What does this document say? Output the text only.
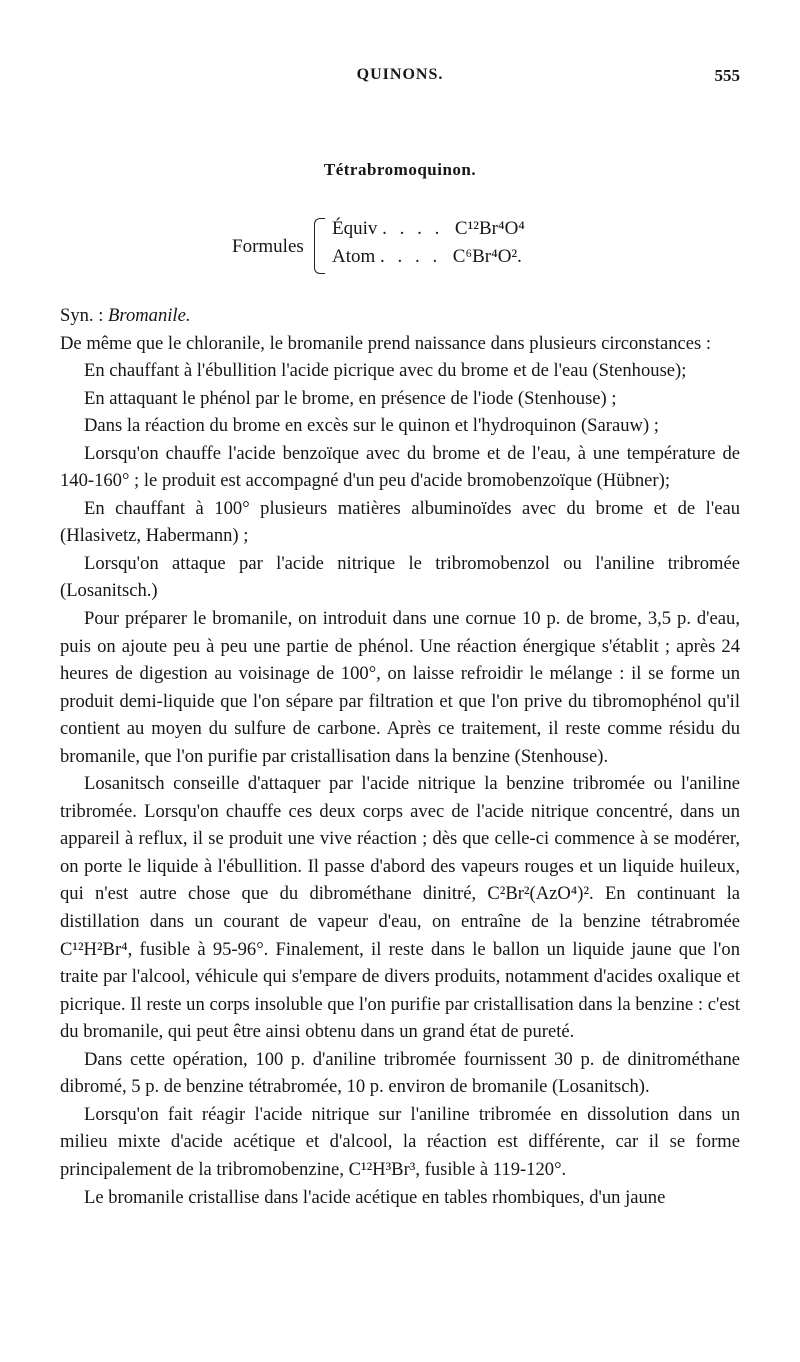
QUINONS.	555
Tétrabromoquinon.
Formules
Équiv . . . . C¹²Br⁴O⁴
Atom . . . . C⁶Br⁴O².

Syn. : Bromanile.

De même que le chloranile, le bromanile prend naissance dans plusieurs circonstances :

En chauffant à l'ébullition l'acide picrique avec du brome et de l'eau (Stenhouse);

En attaquant le phénol par le brome, en présence de l'iode (Stenhouse) ;

Dans la réaction du brome en excès sur le quinon et l'hydroquinon (Sarauw) ;

Lorsqu'on chauffe l'acide benzoïque avec du brome et de l'eau, à une température de 140-160° ; le produit est accompagné d'un peu d'acide bromobenzoïque (Hübner);

En chauffant à 100° plusieurs matières albuminoïdes avec du brome et de l'eau (Hlasivetz, Habermann) ;

Lorsqu'on attaque par l'acide nitrique le tribromobenzol ou l'aniline tribromée (Losanitsch.)

Pour préparer le bromanile, on introduit dans une cornue 10 p. de brome, 3,5 p. d'eau, puis on ajoute peu à peu une partie de phénol. Une réaction énergique s'établit ; après 24 heures de digestion au voisinage de 100°, on laisse refroidir le mélange : il se forme un produit demi-liquide que l'on sépare par filtration et que l'on prive du tibromophénol qu'il contient au moyen du sulfure de carbone. Après ce traitement, il reste comme résidu du bromanile, que l'on purifie par cristallisation dans la benzine (Stenhouse).

Losanitsch conseille d'attaquer par l'acide nitrique la benzine tribromée ou l'aniline tribromée. Lorsqu'on chauffe ces deux corps avec de l'acide nitrique concentré, dans un appareil à reflux, il se produit une vive réaction ; dès que celle-ci commence à se modérer, on porte le liquide à l'ébullition. Il passe d'abord des vapeurs rouges et un liquide huileux, qui n'est autre chose que du dibrométhane dinitré, C²Br²(AzO⁴)². En continuant la distillation dans un courant de vapeur d'eau, on entraîne de la benzine tétrabromée C¹²H²Br⁴, fusible à 95-96°. Finalement, il reste dans le ballon un liquide jaune que l'on traite par l'alcool, véhicule qui s'empare de divers produits, notamment d'acides oxalique et picrique. Il reste un corps insoluble que l'on purifie par cristallisation dans la benzine : c'est du bromanile, qui peut être ainsi obtenu dans un grand état de pureté.

Dans cette opération, 100 p. d'aniline tribromée fournissent 30 p. de dinitrométhane dibromé, 5 p. de benzine tétrabromée, 10 p. environ de bromanile (Losanitsch).

Lorsqu'on fait réagir l'acide nitrique sur l'aniline tribromée en dissolution dans un milieu mixte d'acide acétique et d'alcool, la réaction est différente, car il se forme principalement de la tribromobenzine, C¹²H³Br³, fusible à 119-120°.

Le bromanile cristallise dans l'acide acétique en tables rhombiques, d'un jaune
